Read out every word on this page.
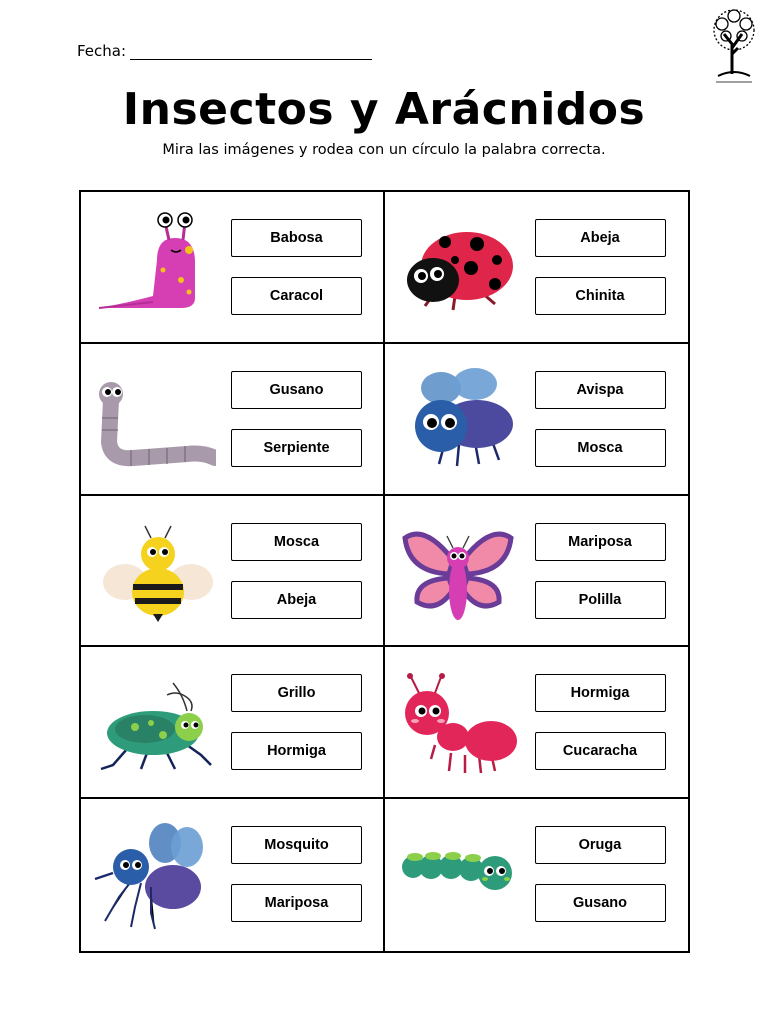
Fecha:
Insectos y Arácnidos
Mira las imágenes y rodea con un círculo la palabra correcta.
Babosa
Caracol
Abeja
Chinita
Gusano
Serpiente
Avispa
Mosca
Mosca
Abeja
Mariposa
Polilla
Grillo
Hormiga
Hormiga
Cucaracha
Mosquito
Mariposa
Oruga
Gusano
